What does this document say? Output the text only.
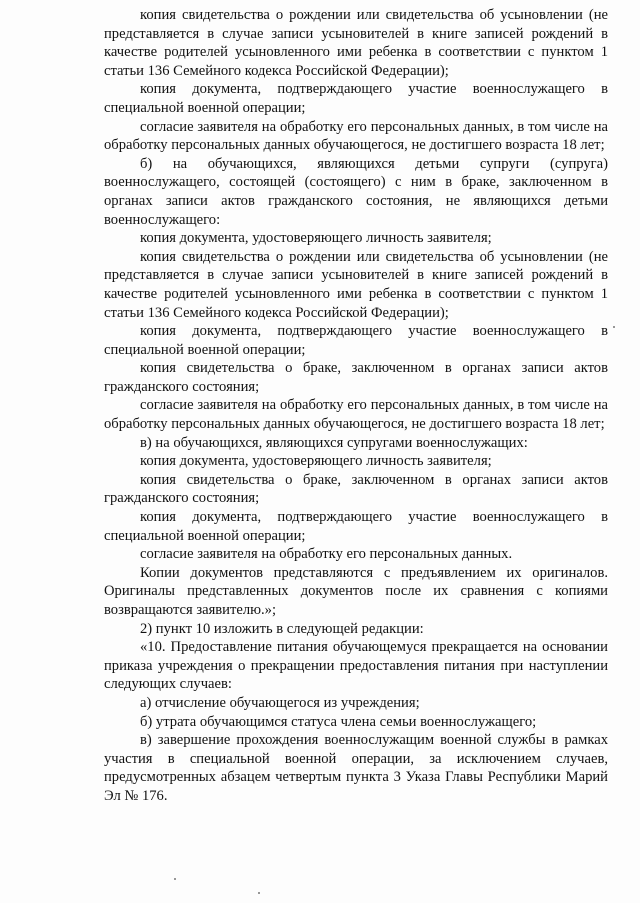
копия свидетельства о рождении или свидетельства об усыновлении (не представляется в случае записи усыновителей в книге записей рождений в качестве родителей усыновленного ими ребенка в соответствии с пунктом 1 статьи 136 Семейного кодекса Российской Федерации);

копия документа, подтверждающего участие военнослужащего в специальной военной операции;

согласие заявителя на обработку его персональных данных, в том числе на обработку персональных данных обучающегося, не достигшего возраста 18 лет;

б) на обучающихся, являющихся детьми супруги (супруга) военнослужащего, состоящей (состоящего) с ним в браке, заключенном в органах записи актов гражданского состояния, не являющихся детьми военнослужащего:

копия документа, удостоверяющего личность заявителя;

копия свидетельства о рождении или свидетельства об усыновлении (не представляется в случае записи усыновителей в книге записей рождений в качестве родителей усыновленного ими ребенка в соответствии с пунктом 1 статьи 136 Семейного кодекса Российской Федерации);

копия документа, подтверждающего участие военнослужащего в специальной военной операции;

копия свидетельства о браке, заключенном в органах записи актов гражданского состояния;

согласие заявителя на обработку его персональных данных, в том числе на обработку персональных данных обучающегося, не достигшего возраста 18 лет;

в) на обучающихся, являющихся супругами военнослужащих:

копия документа, удостоверяющего личность заявителя;

копия свидетельства о браке, заключенном в органах записи актов гражданского состояния;

копия документа, подтверждающего участие военнослужащего в специальной военной операции;

согласие заявителя на обработку его персональных данных.

Копии документов представляются с предъявлением их оригиналов. Оригиналы представленных документов после их сравнения с копиями возвращаются заявителю.»;

2) пункт 10 изложить в следующей редакции:

«10. Предоставление питания обучающемуся прекращается на основании приказа учреждения о прекращении предоставления питания при наступлении следующих случаев:

а) отчисление обучающегося из учреждения;

б) утрата обучающимся статуса члена семьи военнослужащего;

в) завершение прохождения военнослужащим военной службы в рамках участия в специальной военной операции, за исключением случаев, предусмотренных абзацем четвертым пункта 3 Указа Главы Республики Марий Эл № 176.
